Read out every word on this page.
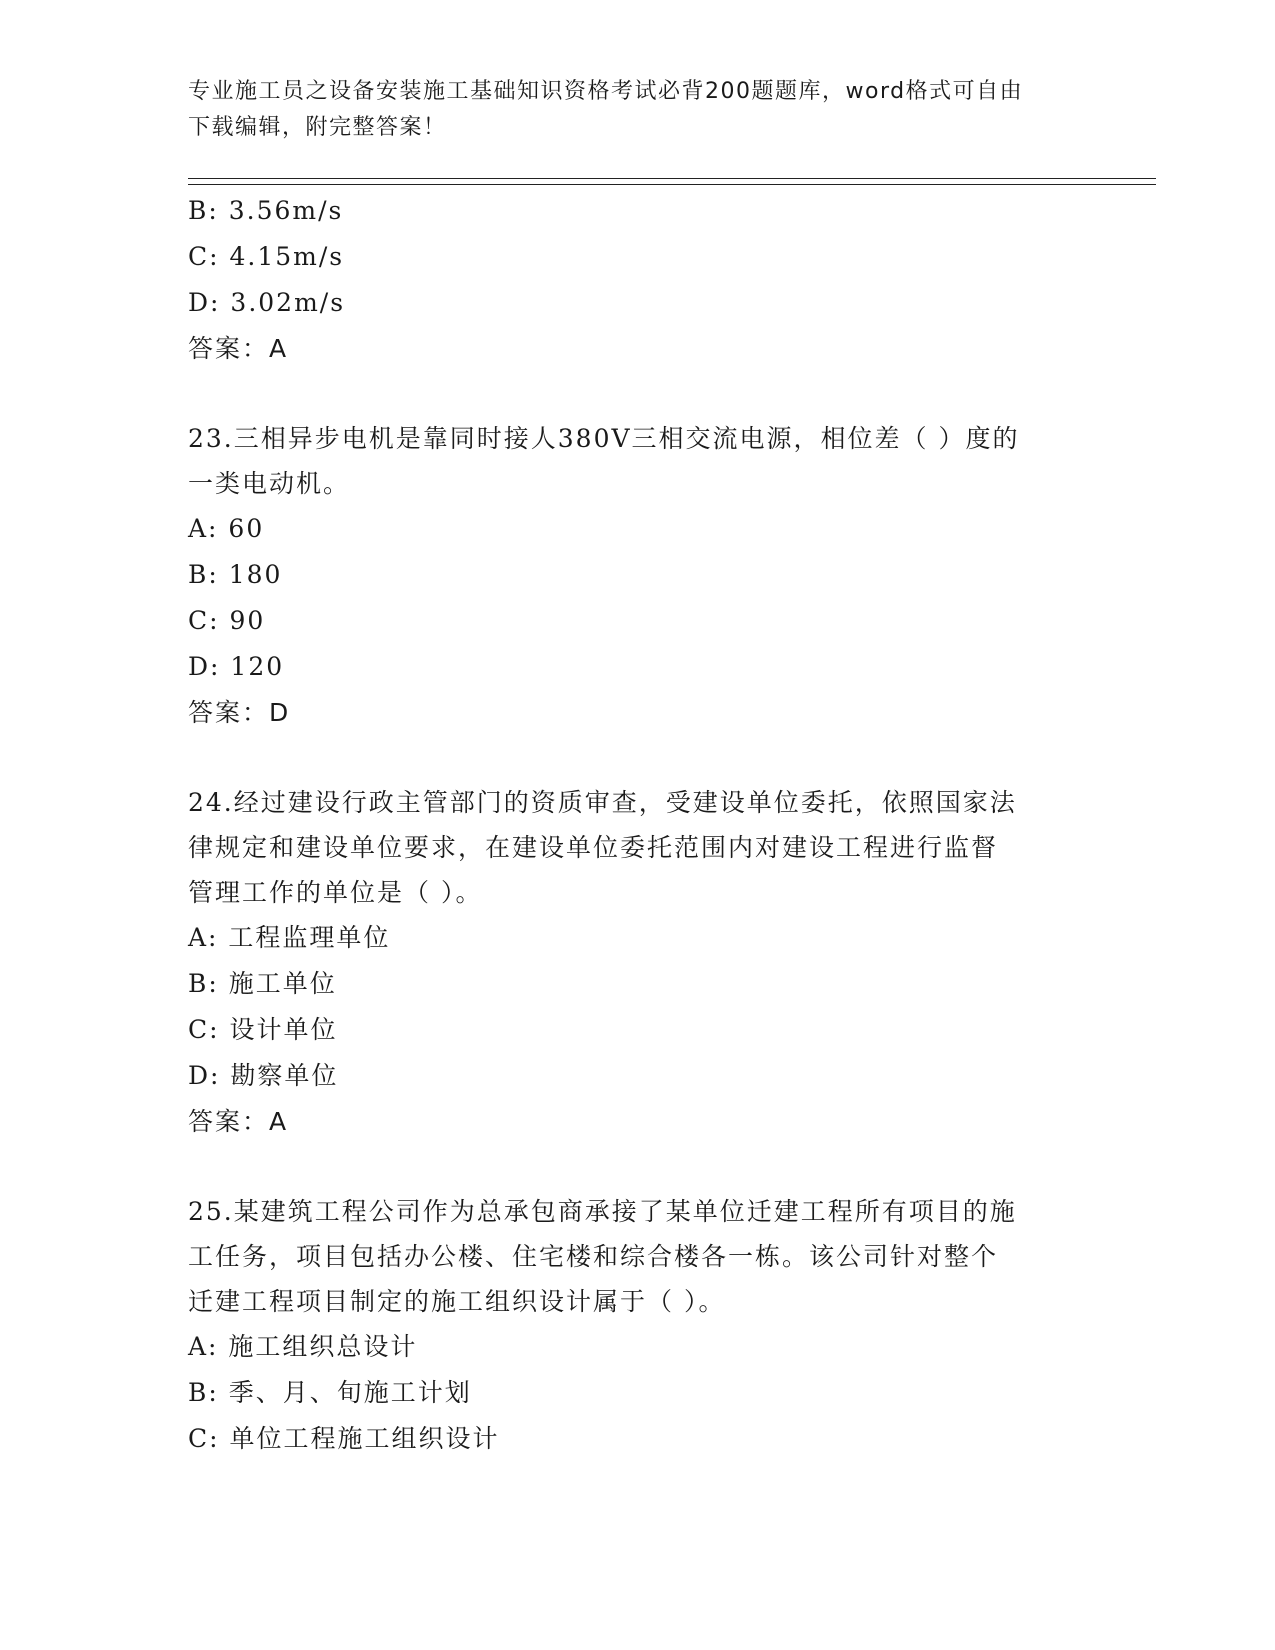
专业施工员之设备安装施工基础知识资格考试必背200题题库，word格式可自由
下载编辑，附完整答案！
B: 3.56m/s
C: 4.15m/s
D: 3.02m/s
答案：A
23.三相异步电机是靠同时接人380V三相交流电源，相位差（ ）度的
一类电动机。
A: 60
B: 180
C: 90
D: 120
答案：D
24.经过建设行政主管部门的资质审查，受建设单位委托，依照国家法
律规定和建设单位要求，在建设单位委托范围内对建设工程进行监督
管理工作的单位是（ ）。
A: 工程监理单位
B: 施工单位
C: 设计单位
D: 勘察单位
答案：A
25.某建筑工程公司作为总承包商承接了某单位迁建工程所有项目的施
工任务，项目包括办公楼、住宅楼和综合楼各一栋。该公司针对整个
迁建工程项目制定的施工组织设计属于（ ）。
A: 施工组织总设计
B: 季、月、旬施工计划
C: 单位工程施工组织设计
